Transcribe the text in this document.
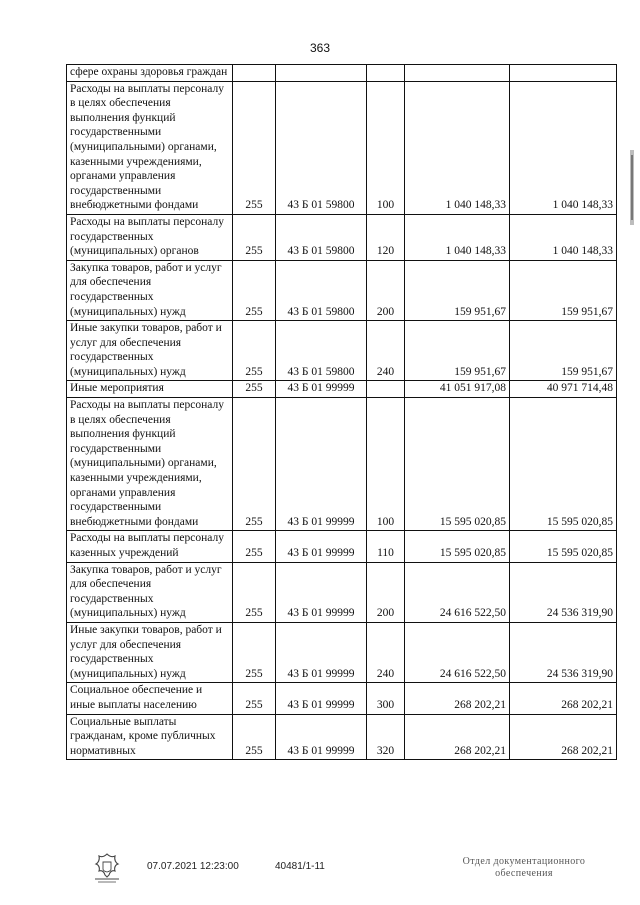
363
сфере охраны здоровья граждан					
Расходы на выплаты персоналу в целях обеспечения выполнения функций государственными (муниципальными) органами, казенными учреждениями, органами управления государственными внебюджетными фондами	255	43 Б 01 59800	100	1 040 148,33	1 040 148,33
Расходы на выплаты персоналу государственных (муниципальных) органов	255	43 Б 01 59800	120	1 040 148,33	1 040 148,33
Закупка товаров, работ и услуг для обеспечения государственных (муниципальных) нужд	255	43 Б 01 59800	200	159 951,67	159 951,67
Иные закупки товаров, работ и услуг для обеспечения государственных (муниципальных) нужд	255	43 Б 01 59800	240	159 951,67	159 951,67
Иные мероприятия	255	43 Б 01 99999		41 051 917,08	40 971 714,48
Расходы на выплаты персоналу в целях обеспечения выполнения функций государственными (муниципальными) органами, казенными учреждениями, органами управления государственными внебюджетными фондами	255	43 Б 01 99999	100	15 595 020,85	15 595 020,85
Расходы на выплаты персоналу казенных учреждений	255	43 Б 01 99999	110	15 595 020,85	15 595 020,85
Закупка товаров, работ и услуг для обеспечения государственных (муниципальных) нужд	255	43 Б 01 99999	200	24 616 522,50	24 536 319,90
Иные закупки товаров, работ и услуг для обеспечения государственных (муниципальных) нужд	255	43 Б 01 99999	240	24 616 522,50	24 536 319,90
Социальное обеспечение и иные выплаты населению	255	43 Б 01 99999	300	268 202,21	268 202,21
Социальные выплаты гражданам, кроме публичных нормативных	255	43 Б 01 99999	320	268 202,21	268 202,21
07.07.2021 12:23:00	40481/1-11	Отдел документационного обеспечения
